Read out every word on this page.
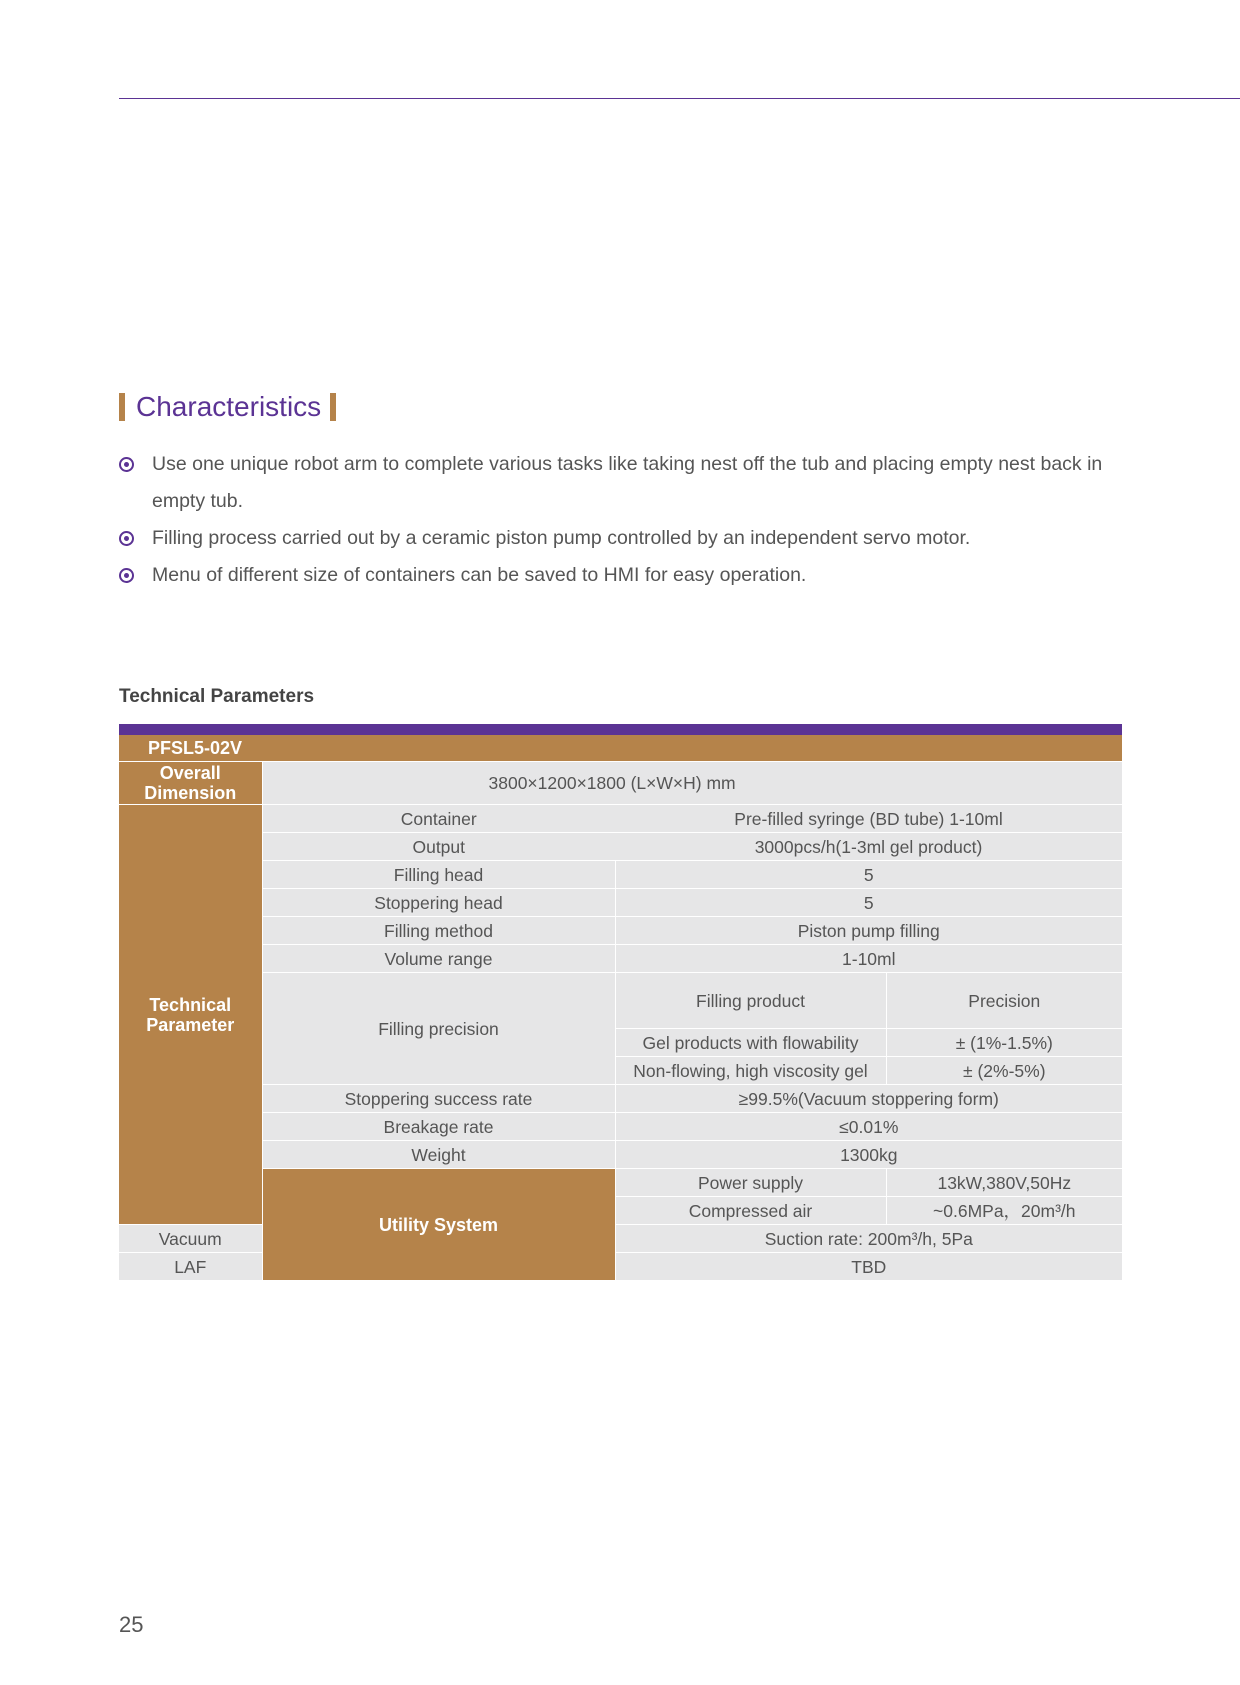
Characteristics
Use one unique robot arm to complete various tasks like taking nest off the tub and placing empty nest back in empty tub.
Filling process carried out by a ceramic piston pump controlled by an independent servo motor.
Menu of different size of containers can be saved to HMI for easy operation.
Technical Parameters
PFSL5-02V			
Overall Dimension	3800×1200×1800 (L×W×H) mm		
Technical Parameter	Container	Pre-filled syringe (BD tube) 1-10ml	
	Output	3000pcs/h(1-3ml gel product)	
	Filling head	5	
	Stoppering head	5	
	Filling method	Piston pump filling	
	Volume range	1-10ml	
	Filling precision	Filling product	Precision
		Gel products with flowability	± (1%-1.5%)
		Non-flowing, high viscosity gel	± (2%-5%)
	Stoppering success rate	≥99.5%(Vacuum stoppering form)	
	Breakage rate	≤0.01%	
	Weight	1300kg	
	Utility System	Power supply	13kW,380V,50Hz
		Compressed air	~0.6MPa，20m³/h
Vacuum		Suction rate: 200m³/h, 5Pa	
LAF		TBD	
25
